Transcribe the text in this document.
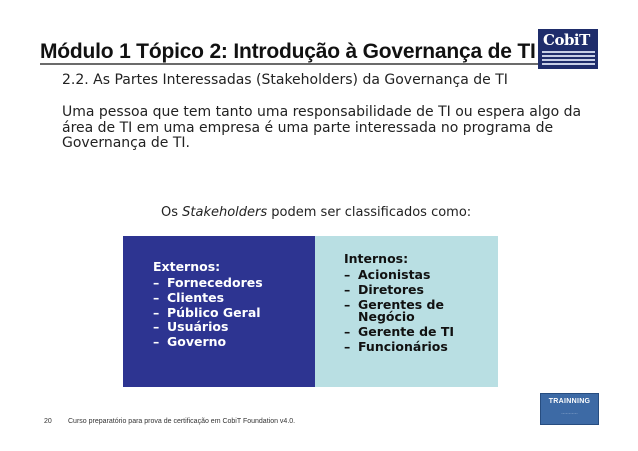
Módulo 1 Tópico 2: Introdução à Governança de TI CobiT
2.2. As Partes Interessadas (Stakeholders) da Governança de TI
Uma pessoa que tem tanto uma responsabilidade de TI ou espera algo da área de TI em uma empresa é uma parte interessada no programa de Governança de TI.
Os Stakeholders podem ser classificados como:
Externos:
– Fornecedores
– Clientes
– Público Geral
– Usuários
– Governo
Internos:
– Acionistas
– Diretores
– Gerentes de Negócio
– Gerente de TI
– Funcionários
20 Curso preparatório para prova de certificação em CobiT Foundation v4.0.
TRAINNING
···········
